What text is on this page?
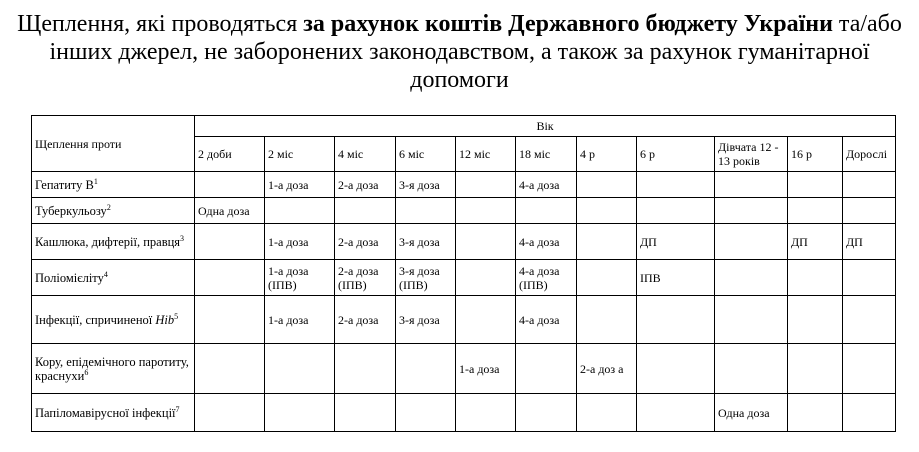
Щеплення, які проводяться за рахунок коштів Державного бюджету України та/або інших джерел, не заборонених законодавством, а також за рахунок гуманітарної допомоги
Щеплення проти	Вік										
	2 доби	2 міс	4 міс	6 міс	12 міс	18 міс	4 р	6 р	Дівчата 12 - 13 років	16 р	Дорослі
Гепатиту $В^1$		1-а доза	2-а доза	3-я доза		4-а доза					
Туберкульозу$^2$	Одна доза										
Кашлюка, дифтерії, правця$^3$		1-а доза	2-а доза	3-я доза		4-а доза		ДП		ДП	ДП
Поліомієліту$^4$		1-а доза (ІПВ)	2-а доза (ІПВ)	3-я доза (ІПВ)		4-а доза (ІПВ)		ІПВ			
Інфекції, спричиненої Hib$^5$		1-а доза	2-а доза	3-я доза		4-а доза					
Кору, епідемічного паротиту, краснухи$^6$					1-а доза		2-а доз а				
Папіломавірусної інфекції$^7$									Одна доза		
